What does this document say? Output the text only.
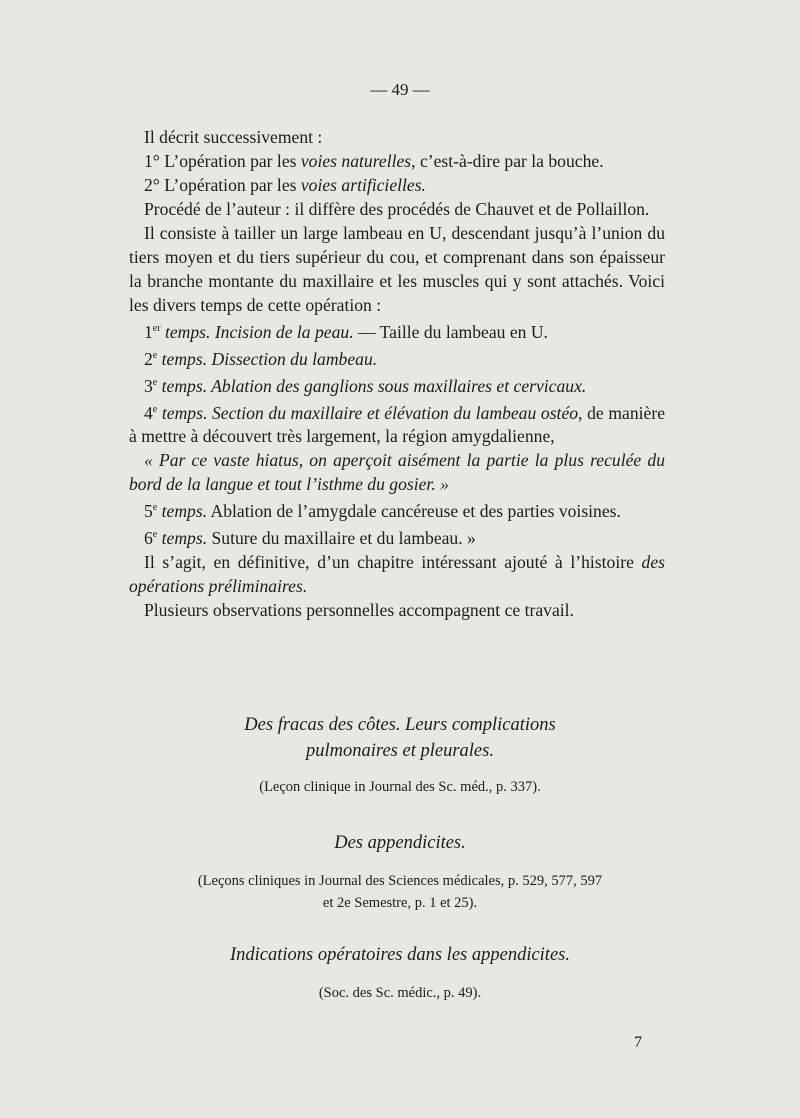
— 49 —

Il décrit successivement :

1° L’opération par les voies naturelles, c’est-à-dire par la bouche.

2° L’opération par les voies artificielles.

Procédé de l’auteur : il diffère des procédés de Chauvet et de Pollaillon.

Il consiste à tailler un large lambeau en U, descendant jusqu’à l’union du tiers moyen et du tiers supérieur du cou, et comprenant dans son épaisseur la branche montante du maxillaire et les muscles qui y sont attachés. Voici les divers temps de cette opération :

1er temps. Incision de la peau. — Taille du lambeau en U.

2e temps. Dissection du lambeau.

3e temps. Ablation des ganglions sous maxillaires et cervicaux.

4e temps. Section du maxillaire et élévation du lambeau ostéo, de manière à mettre à découvert très largement, la région amygdalienne,

« Par ce vaste hiatus, on aperçoit aisément la partie la plus reculée du bord de la langue et tout l’isthme du gosier. »

5e temps. Ablation de l’amygdale cancéreuse et des parties voisines.

6e temps. Suture du maxillaire et du lambeau. »

Il s’agit, en définitive, d’un chapitre intéressant ajouté à l’histoire des opérations préliminaires.

Plusieurs observations personnelles accompagnent ce travail.

Des fracas des côtes. Leurs complications

pulmonaires et pleurales.

(Leçon clinique in Journal des Sc. méd., p. 337).

Des appendicites.

(Leçons cliniques in Journal des Sciences médicales, p. 529, 577, 597

et 2e Semestre, p. 1 et 25).

Indications opératoires dans les appendicites.

(Soc. des Sc. médic., p. 49).

7
